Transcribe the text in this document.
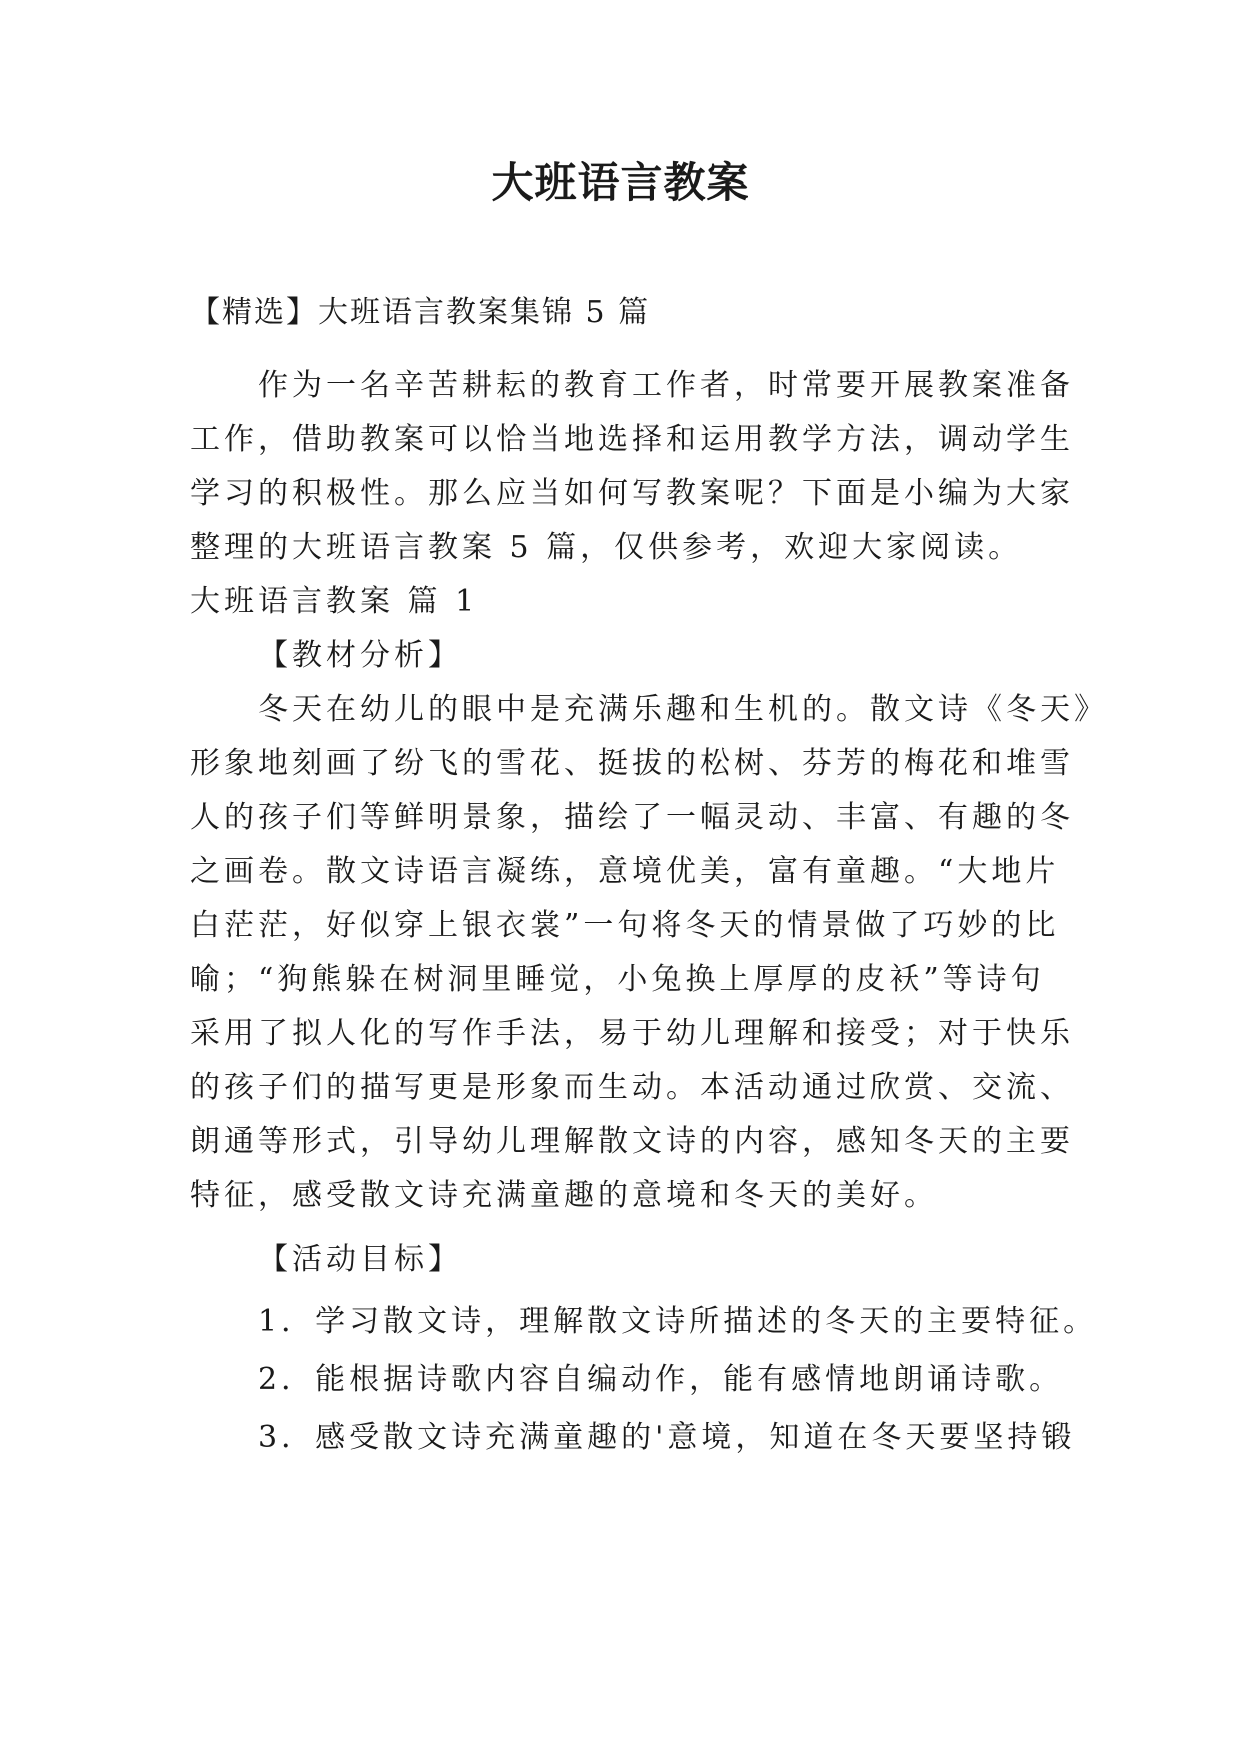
大班语言教案
【精选】大班语言教案集锦 5 篇
作为一名辛苦耕耘的教育工作者，时常要开展教案准备
工作，借助教案可以恰当地选择和运用教学方法，调动学生
学习的积极性。那么应当如何写教案呢？下面是小编为大家
整理的大班语言教案 5 篇，仅供参考，欢迎大家阅读。
大班语言教案 篇 1
【教材分析】
冬天在幼儿的眼中是充满乐趣和生机的。散文诗《冬天》
形象地刻画了纷飞的雪花、挺拔的松树、芬芳的梅花和堆雪
人的孩子们等鲜明景象，描绘了一幅灵动、丰富、有趣的冬
之画卷。散文诗语言凝练，意境优美，富有童趣。“大地片
白茫茫，好似穿上银衣裳”一句将冬天的情景做了巧妙的比
喻；“狗熊躲在树洞里睡觉，小兔换上厚厚的皮袄”等诗句
采用了拟人化的写作手法，易于幼儿理解和接受；对于快乐
的孩子们的描写更是形象而生动。本活动通过欣赏、交流、
朗通等形式，引导幼儿理解散文诗的内容，感知冬天的主要
特征，感受散文诗充满童趣的意境和冬天的美好。
【活动目标】
1．学习散文诗，理解散文诗所描述的冬天的主要特征。
2．能根据诗歌内容自编动作，能有感情地朗诵诗歌。
3．感受散文诗充满童趣的'意境，知道在冬天要坚持锻
